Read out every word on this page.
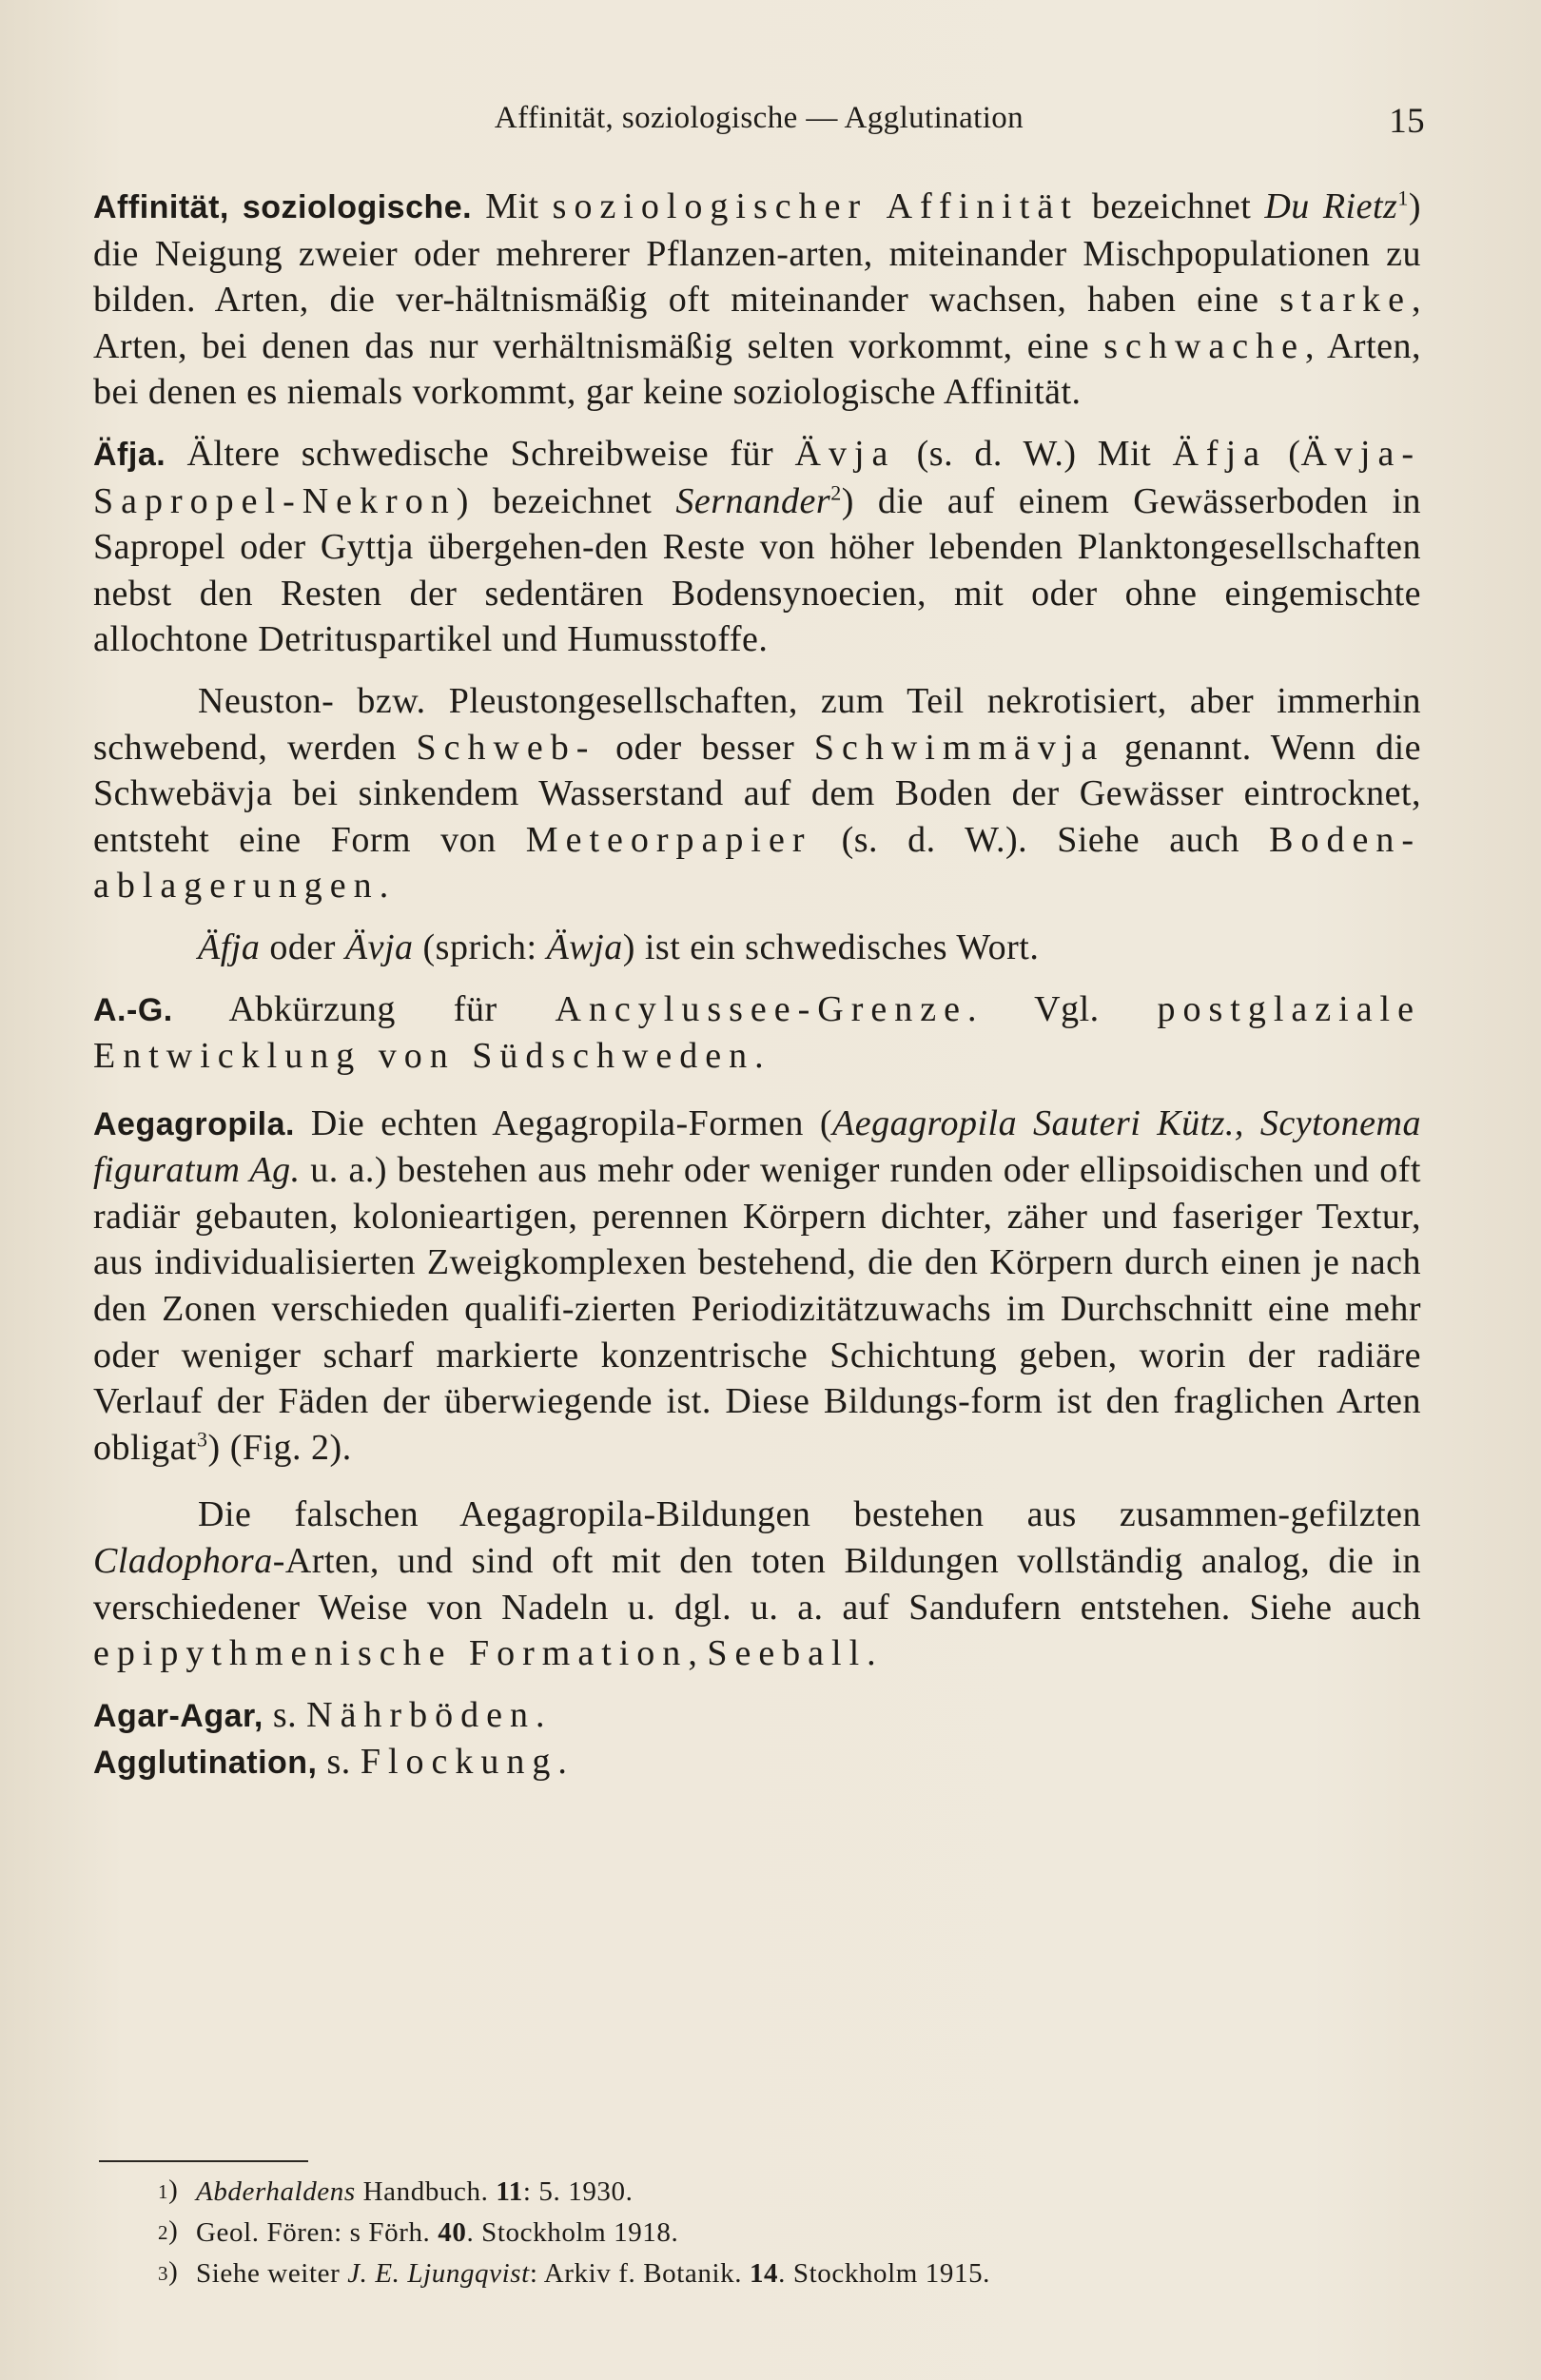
Affinität, soziologische — Agglutination	15

Affinität, soziologische. Mit soziologischer Affinität bezeichnet Du Rietz$^1$) die Neigung zweier oder mehrerer Pflanzen-arten, miteinander Mischpopulationen zu bilden. Arten, die ver-hältnismäßig oft miteinander wachsen, haben eine starke, Arten, bei denen das nur verhältnismäßig selten vorkommt, eine schwache, Arten, bei denen es niemals vorkommt, gar keine soziologische Affinität.

Äfja. Ältere schwedische Schreibweise für Ävja (s. d. W.) Mit Äfja (Ävja-Sapropel-Nekron) bezeichnet Sernander$^2$) die auf einem Gewässerboden in Sapropel oder Gyttja übergehen-den Reste von höher lebenden Planktongesellschaften nebst den Resten der sedentären Bodensynoecien, mit oder ohne eingemischte allochtone Detrituspartikel und Humusstoffe.

Neuston- bzw. Pleustongesellschaften, zum Teil nekrotisiert, aber immerhin schwebend, werden Schweb- oder besser Schwimmävja genannt. Wenn die Schwebävja bei sinkendem Wasserstand auf dem Boden der Gewässer eintrocknet, entsteht eine Form von Meteorpapier (s. d. W.). Siehe auch Boden-ablagerungen.

Äfja oder Ävja (sprich: Äwja) ist ein schwedisches Wort.

A.-G. Abkürzung für Ancylussee-Grenze. Vgl. postglaziale Entwicklung von Südschweden.

Aegagropila. Die echten Aegagropila-Formen (Aegagropila Sauteri Kütz., Scytonema figuratum Ag. u. a.) bestehen aus mehr oder weniger runden oder ellipsoidischen und oft radiär gebauten, kolonieartigen, perennen Körpern dichter, zäher und faseriger Textur, aus individualisierten Zweigkomplexen bestehend, die den Körpern durch einen je nach den Zonen verschieden qualifi-zierten Periodizitätzuwachs im Durchschnitt eine mehr oder weniger scharf markierte konzentrische Schichtung geben, worin der radiäre Verlauf der Fäden der überwiegende ist. Diese Bildungs-form ist den fraglichen Arten obligat$^3$) (Fig. 2).

Die falschen Aegagropila-Bildungen bestehen aus zusammen-gefilzten Cladophora-Arten, und sind oft mit den toten Bildungen vollständig analog, die in verschiedener Weise von Nadeln u. dgl. u. a. auf Sandufern entstehen. Siehe auch epipythmenische Formation, Seeball.

Agar-Agar, s. Nährböden.

Agglutination, s. Flockung.

1) Abderhaldens Handbuch. 11: 5. 1930.
2) Geol. Fören: s Förh. 40. Stockholm 1918.
3) Siehe weiter J. E. Ljungqvist: Arkiv f. Botanik. 14. Stockholm 1915.
